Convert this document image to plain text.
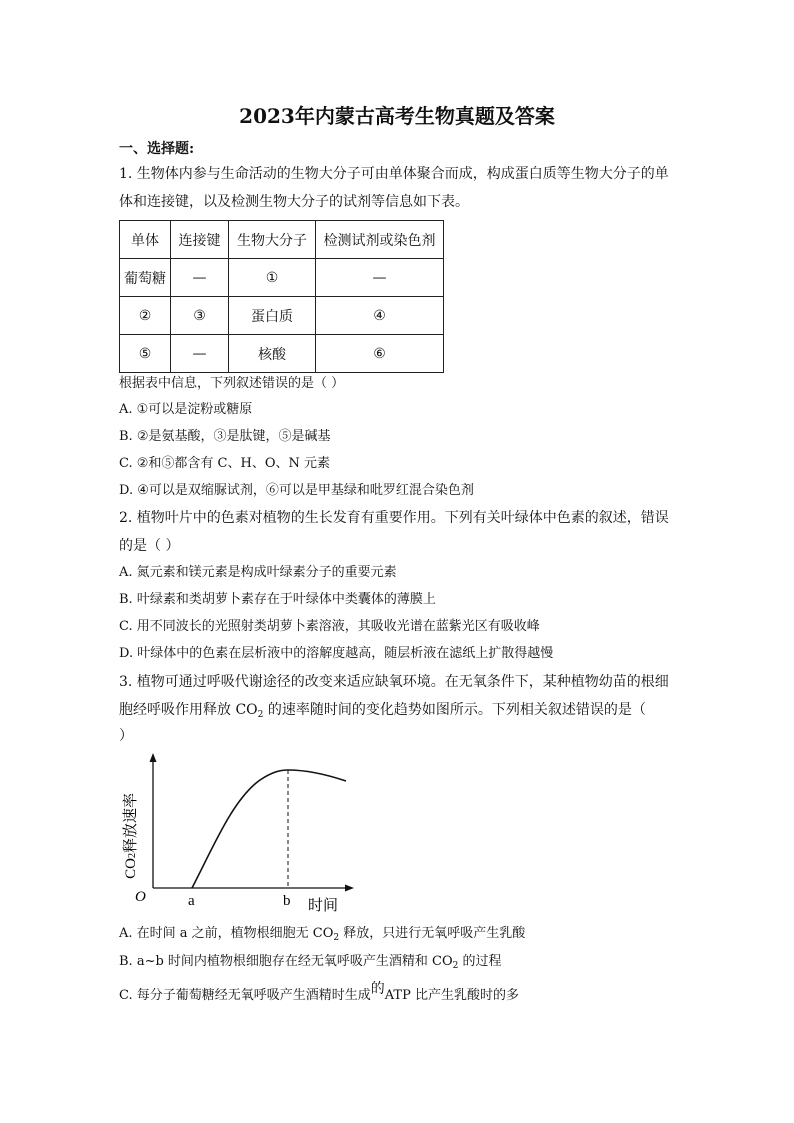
2023年内蒙古高考生物真题及答案
一、选择题:
1. 生物体内参与生命活动的生物大分子可由单体聚合而成，构成蛋白质等生物大分子的单
体和连接键，以及检测生物大分子的试剂等信息如下表。
单体	连接键	生物大分子	检测试剂或染色剂
葡萄糖	—	①	—
②	③	蛋白质	④
⑤	—	核酸	⑥
根据表中信息，下列叙述错误的是（ ）
A. ①可以是淀粉或糖原
B. ②是氨基酸，③是肽键，⑤是碱基
C. ②和⑤都含有 C、H、O、N 元素
D. ④可以是双缩脲试剂，⑥可以是甲基绿和吡罗红混合染色剂
2. 植物叶片中的色素对植物的生长发育有重要作用。下列有关叶绿体中色素的叙述，错误
的是（ ）
A. 氮元素和镁元素是构成叶绿素分子的重要元素
B. 叶绿素和类胡萝卜素存在于叶绿体中类囊体的薄膜上
C. 用不同波长的光照射类胡萝卜素溶液，其吸收光谱在蓝紫光区有吸收峰
D. 叶绿体中的色素在层析液中的溶解度越高，随层析液在滤纸上扩散得越慢
3. 植物可通过呼吸代谢途径的改变来适应缺氧环境。在无氧条件下，某种植物幼苗的根细
胞经呼吸作用释放 $CO_2$ 的速率随时间的变化趋势如图所示。下列相关叙述错误的是（
）
$CO_2$释放速率
O	a	b 时间
A. 在时间 a 之前，植物根细胞无 $CO_2$ 释放，只进行无氧呼吸产生乳酸
B. a~b 时间内植物根细胞存在经无氧呼吸产生酒精和 $CO_2$ 的过程
C. 每分子葡萄糖经无氧呼吸产生酒精时生成的ATP 比产生乳酸时的多
